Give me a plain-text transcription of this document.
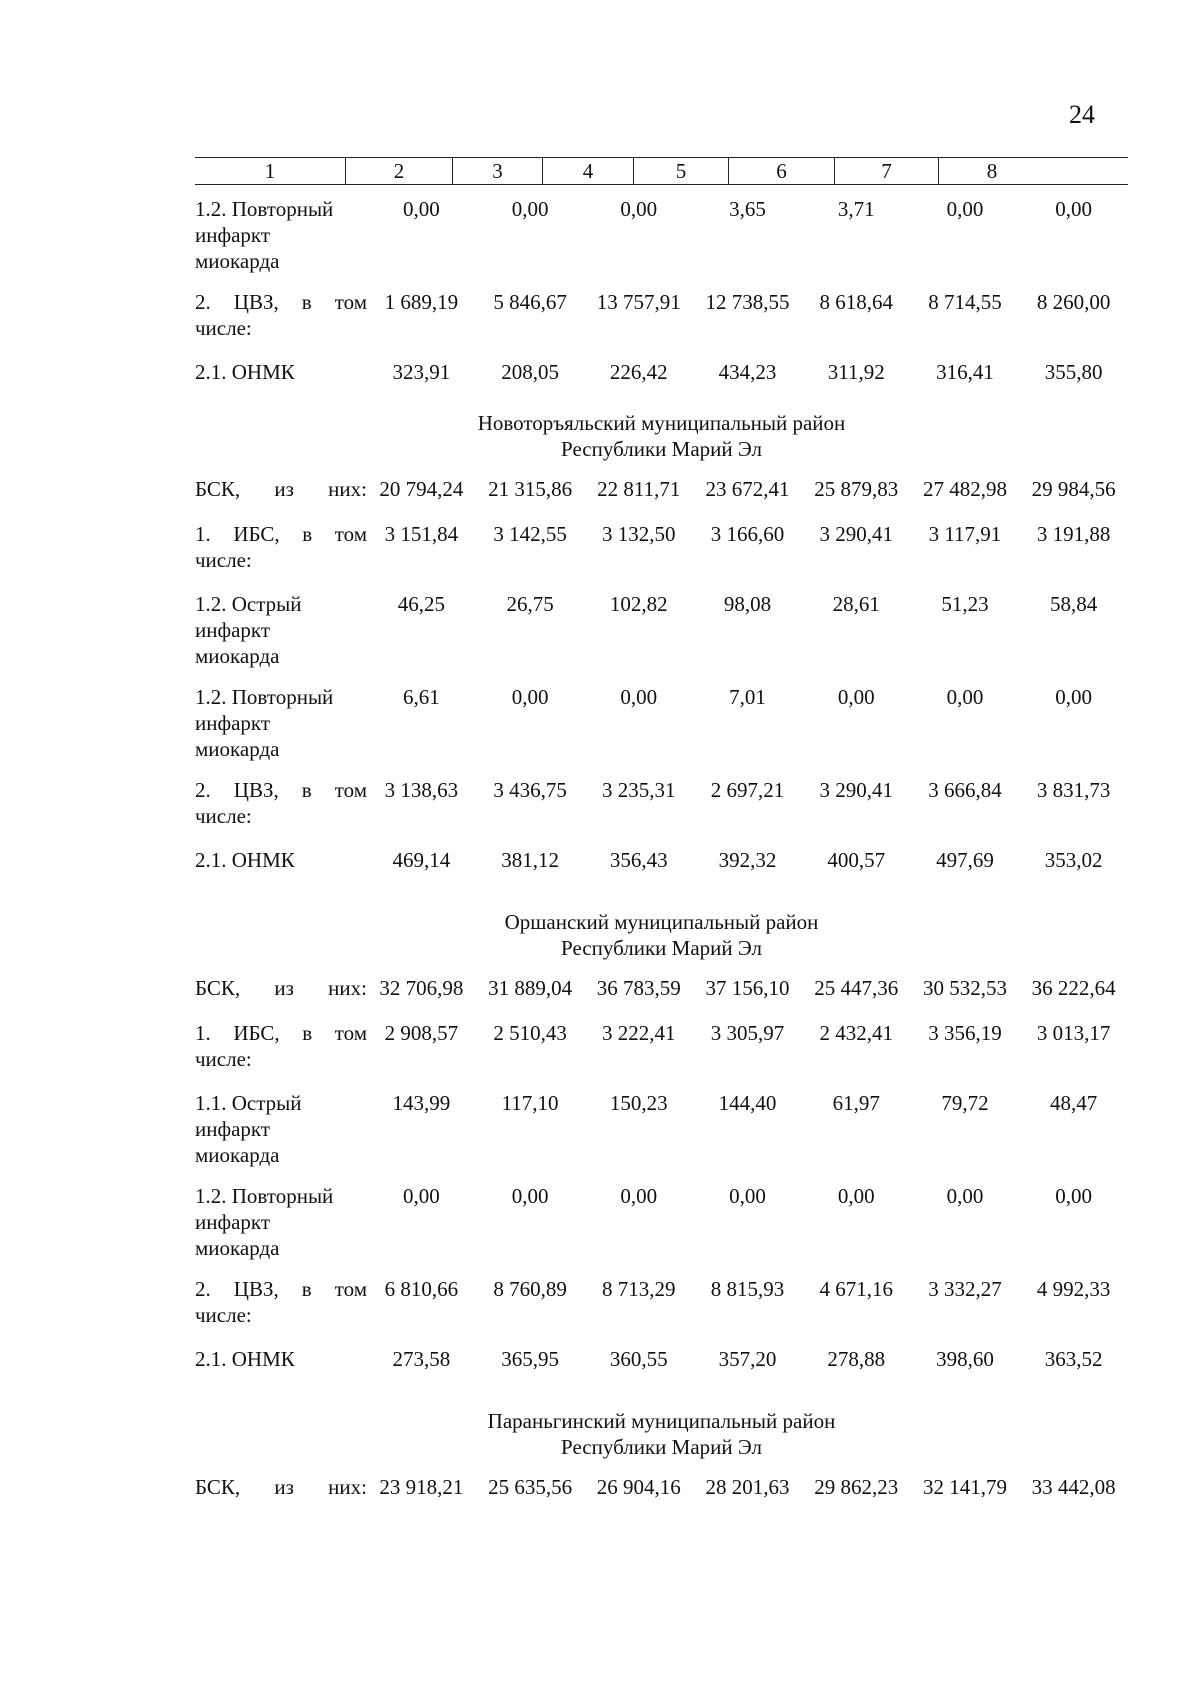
24
1	2	3	4	5	6	7	8
1.2. Повторный
инфаркт
миокарда
0,00	0,00	0,00	3,65	3,71	0,00	0,00
2. ЦВЗ, в том
числе:
1 689,19	5 846,67	13 757,91	12 738,55	8 618,64	8 714,55	8 260,00
2.1. ОНМК	323,91	208,05	226,42	434,23	311,92	316,41	355,80
Новоторъяльский муниципальный район
Республики Марий Эл
БСК, из них: 20 794,24	21 315,86	22 811,71	23 672,41	25 879,83	27 482,98	29 984,56
1. ИБС, в том
числе:
3 151,84	3 142,55	3 132,50	3 166,60	3 290,41	3 117,91	3 191,88
1.2. Острый
инфаркт
миокарда
46,25	26,75	102,82	98,08	28,61	51,23	58,84
1.2. Повторный
инфаркт
миокарда
6,61	0,00	0,00	7,01	0,00	0,00	0,00
2. ЦВЗ, в том
числе:
3 138,63	3 436,75	3 235,31	2 697,21	3 290,41	3 666,84	3 831,73
2.1. ОНМК	469,14	381,12	356,43	392,32	400,57	497,69	353,02
Оршанский муниципальный район
Республики Марий Эл
БСК, из них: 32 706,98	31 889,04	36 783,59	37 156,10	25 447,36	30 532,53	36 222,64
1. ИБС, в том
числе:
2 908,57	2 510,43	3 222,41	3 305,97	2 432,41	3 356,19	3 013,17
1.1. Острый
инфаркт
миокарда
143,99	117,10	150,23	144,40	61,97	79,72	48,47
1.2. Повторный
инфаркт
миокарда
0,00	0,00	0,00	0,00	0,00	0,00	0,00
2. ЦВЗ, в том
числе:
6 810,66	8 760,89	8 713,29	8 815,93	4 671,16	3 332,27	4 992,33
2.1. ОНМК	273,58	365,95	360,55	357,20	278,88	398,60	363,52
Параньгинский муниципальный район
Республики Марий Эл
БСК, из них: 23 918,21	25 635,56	26 904,16	28 201,63	29 862,23	32 141,79	33 442,08
